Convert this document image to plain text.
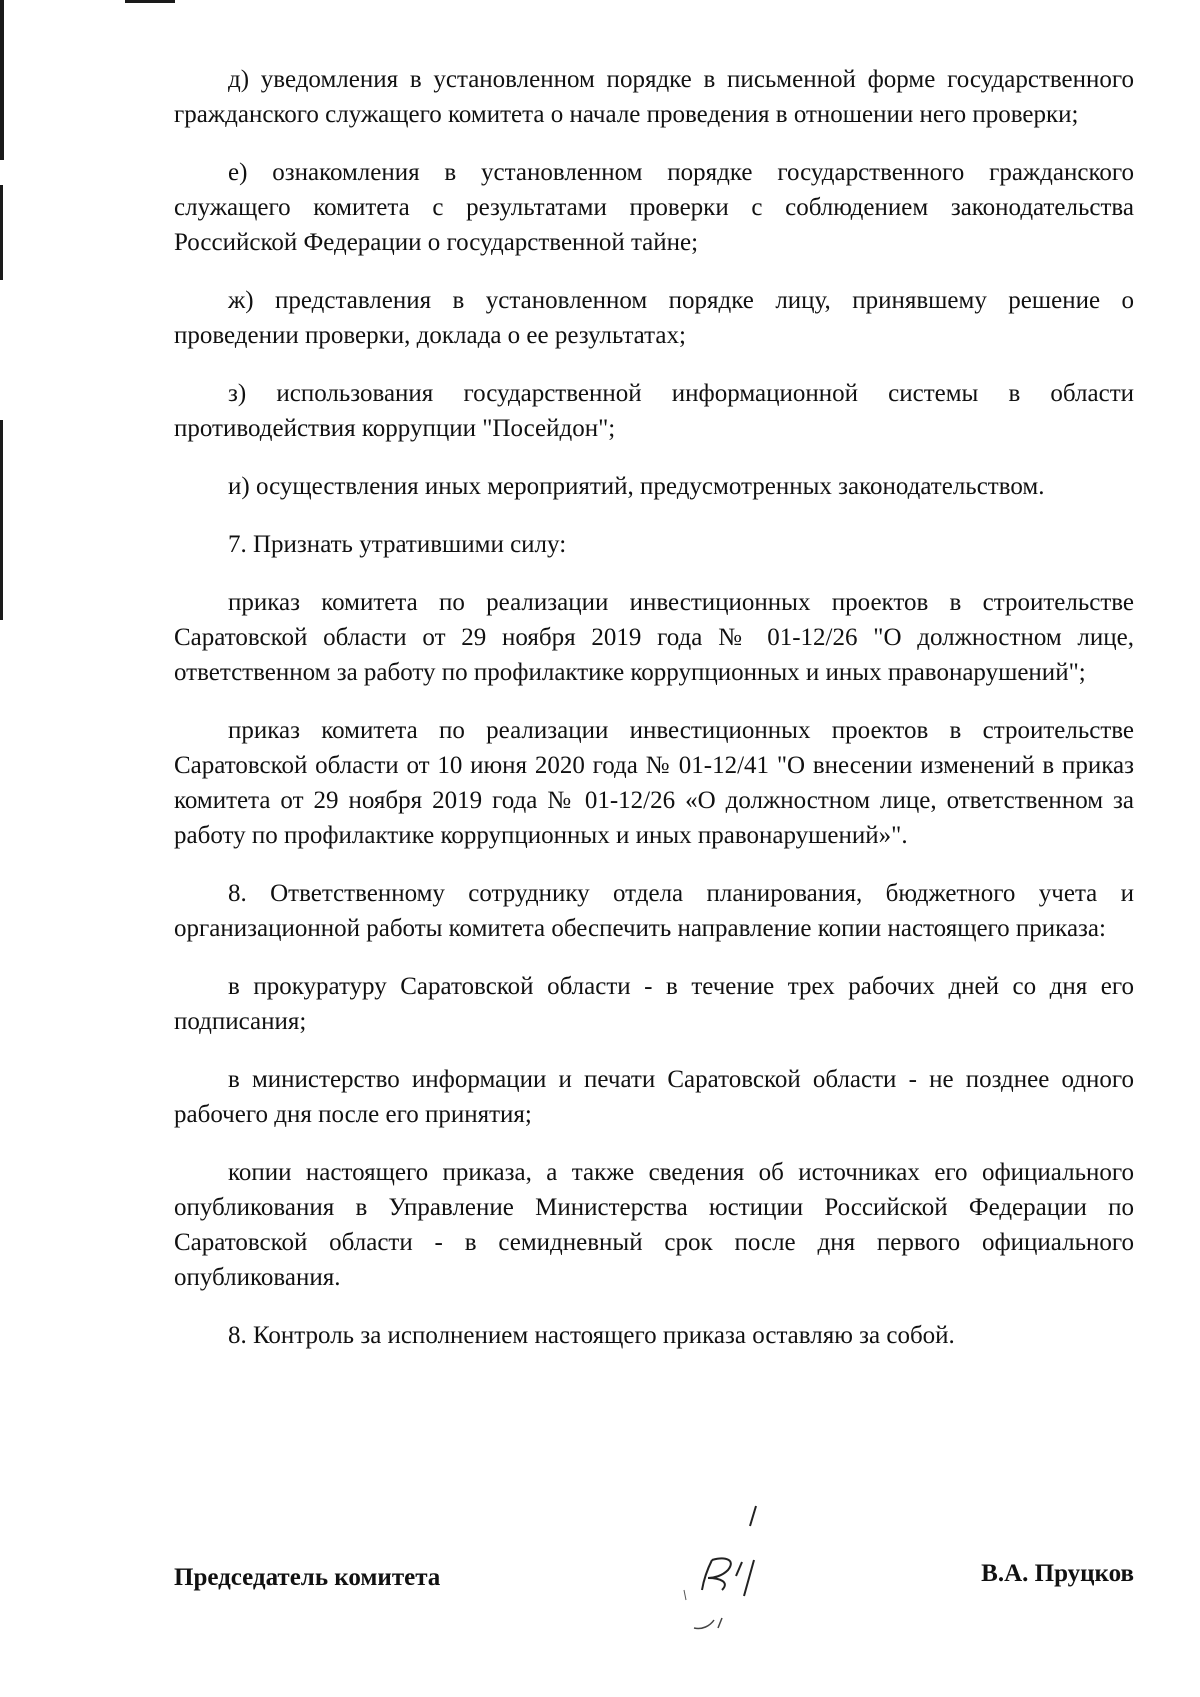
д) уведомления в установленном порядке в письменной форме государственного гражданского служащего комитета о начале проведения в отношении него проверки;

е) ознакомления в установленном порядке государственного гражданского служащего комитета с результатами проверки с соблюдением законодательства Российской Федерации о государственной тайне;

ж) представления в установленном порядке лицу, принявшему решение о проведении проверки, доклада о ее результатах;

з) использования государственной информационной системы в области противодействия коррупции "Посейдон";

и) осуществления иных мероприятий, предусмотренных законодательством.

7. Признать утратившими силу:

приказ комитета по реализации инвестиционных проектов в строительстве Саратовской области от 29 ноября 2019 года № 01-12/26 "О должностном лице, ответственном за работу по профилактике коррупционных и иных правонарушений";

приказ комитета по реализации инвестиционных проектов в строительстве Саратовской области от 10 июня 2020 года № 01-12/41 "О внесении изменений в приказ комитета от 29 ноября 2019 года № 01-12/26 «О должностном лице, ответственном за работу по профилактике коррупционных и иных правонарушений»".

8. Ответственному сотруднику отдела планирования, бюджетного учета и организационной работы комитета обеспечить направление копии настоящего приказа:

в прокуратуру Саратовской области - в течение трех рабочих дней со дня его подписания;

в министерство информации и печати Саратовской области - не позднее одного рабочего дня после его принятия;

копии настоящего приказа, а также сведения об источниках его официального опубликования в Управление Министерства юстиции Российской Федерации по Саратовской области - в семидневный срок после дня первого официального опубликования.

8. Контроль за исполнением настоящего приказа оставляю за собой.

Председатель комитета	В.А. Пруцков
